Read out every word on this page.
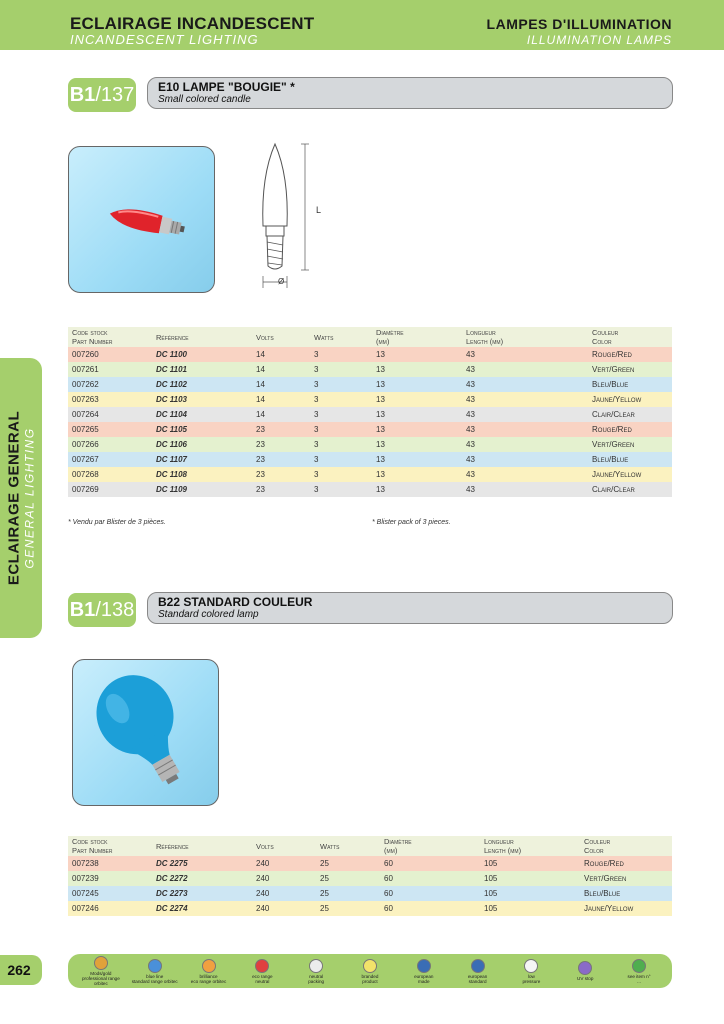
ECLAIRAGE INCANDESCENT
INCANDESCENT LIGHTING
LAMPES D'ILLUMINATION
ILLUMINATION LAMPS
ECLAIRAGE GENERAL GENERAL LIGHTING
B1 /137 E10 LAMPE "BOUGIE" *
Small colored candle
L
Ø
Code stock
Part Number	Référence	Volts	Watts	Diamètre
(mm)	Longueur
Length (mm)	Couleur
Color
007260	DC 1100	14	3	13	43	Rouge/Red
007261	DC 1101	14	3	13	43	Vert/Green
007262	DC 1102	14	3	13	43	Bleu/Blue
007263	DC 1103	14	3	13	43	Jaune/Yellow
007264	DC 1104	14	3	13	43	Clair/Clear
007265	DC 1105	23	3	13	43	Rouge/Red
007266	DC 1106	23	3	13	43	Vert/Green
007267	DC 1107	23	3	13	43	Bleu/Blue
007268	DC 1108	23	3	13	43	Jaune/Yellow
007269	DC 1109	23	3	13	43	Clair/Clear
* Vendu par Blister de 3 pièces.	* Blister pack of 3 pieces.
B1 /138 B22 STANDARD COULEUR
Standard colored lamp
Code stock
Part Number	Référence	Volts	Watts	Diamètre
(mm)	Longueur
Length (mm)	Couleur
Color
007238	DC 2275	240	25	60	105	Rouge/Red
007239	DC 2272	240	25	60	105	Vert/Green
007245	DC 2273	240	25	60	105	Bleu/Blue
007246	DC 2274	240	25	60	105	Jaune/Yellow
262	Mods/gold
professional range orbitec
blue line
standard range orbitec
brilliance
eco range orbitec
eco range
neutral
neutral
packing
branded
product
european
made
european
standard
low
pressure	UV stop	see item n°
...
